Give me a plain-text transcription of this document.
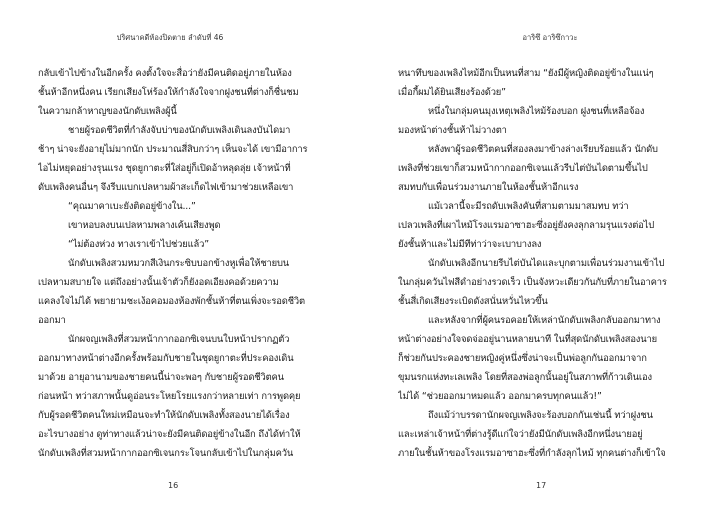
ปริศนาคดีห้องปิดตาย ลำดับที่ 46
กลับเข้าไปข้างในอีกครั้ง คงตั้งใจจะสื่อว่ายังมีคนติดอยู่ภายในห้อง
ชั้นห้าอีกหนึ่งคน เรียกเสียงโห่ร้องให้กำลังใจจากฝูงชนที่ต่างก็ชื่นชม
ในความกล้าหาญของนักดับเพลิงผู้นี้
ชายผู้รอดชีวิตที่กำลังจับบ่าของนักดับเพลิงเดินลงบันไดมา
ช้าๆ น่าจะยังอายุไม่มากนัก ประมาณสี่สิบกว่าๆ เห็นจะได้ เขามีอาการ
ไอไม่หยุดอย่างรุนแรง ชุดยูกาตะที่ใส่อยู่ก็เปิดอ้าหลุดลุ่ย เจ้าหน้าที่
ดับเพลิงคนอื่นๆ จึงรีบแบกเปลหามผ้าสะเก็ดไฟเข้ามาช่วยเหลือเขา
“คุณมาคาเบะยังติดอยู่ข้างใน...”
เขาหอบลงบนเปลหามพลางเค้นเสียงพูด
“ไม่ต้องห่วง ทางเราเข้าไปช่วยแล้ว”
นักดับเพลิงสวมหมวกสีเงินกระซิบบอกข้างหูเพื่อให้ชายบน
เปลหามสบายใจ แต่ถึงอย่างนั้นเจ้าตัวก็ยังอดเอียงคอด้วยความ
แคลงใจไม่ได้ พยายามชะเง้อคอมองห้องพักชั้นห้าที่ตนเพิ่งจะรอดชีวิต
ออกมา
นักผจญเพลิงที่สวมหน้ากากออกซิเจนบนใบหน้าปรากฏตัว
ออกมาทางหน้าต่างอีกครั้งพร้อมกับชายในชุดยูกาตะที่ประคองเดิน
มาด้วย อายุอานามของชายคนนี้น่าจะพอๆ กับชายผู้รอดชีวิตคน
ก่อนหน้า ทว่าสภาพนั้นดูอ่อนระโหยโรยแรงกว่าหลายเท่า การพูดคุย
กับผู้รอดชีวิตคนใหม่เหมือนจะทำให้นักดับเพลิงทั้งสองนายได้เรื่อง
อะไรบางอย่าง ดูท่าทางแล้วน่าจะยังมีคนติดอยู่ข้างในอีก ถึงได้ท่าให้
นักดับเพลิงที่สวมหน้ากากออกซิเจนกระโจนกลับเข้าไปในกลุ่มควัน
16
อาริซึ อาริซึกาวะ
หนาทึบของเพลิงไหม้อีกเป็นหนที่สาม “ยังมีผู้หญิงติดอยู่ข้างในแน่ๆ
เมื่อกี้ผมได้ยินเสียงร้องด้วย”
หนึ่งในกลุ่มคนมุงเหตุเพลิงไหม้ร้องบอก ฝูงชนที่เหลือจ้อง
มองหน้าต่างชั้นห้าไม่วางตา
หลังพาผู้รอดชีวิตคนที่สองลงมาข้างล่างเรียบร้อยแล้ว นักดับ
เพลิงที่ช่วยเขาก็สวมหน้ากากออกซิเจนแล้วรีบไต่บันไดตามขึ้นไป
สมทบกับเพื่อนร่วมงานภายในห้องชั้นห้าอีกแรง
แม้เวลานี้จะมีรถดับเพลิงคันที่สามตามมาสมทบ ทว่า
เปลวเพลิงที่เผาไหม้โรงแรมอาซาฮะซึ่งอยู่ยังคงลุกลามรุนแรงต่อไป
ยังชั้นห้าและไม่มีทีท่าว่าจะเบาบางลง
นักดับเพลิงอีกนายรีบไต่บันไดและบุกตามเพื่อนร่วมงานเข้าไป
ในกลุ่มควันไฟสีดำอย่างรวดเร็ว เป็นจังหวะเดียวกันกับที่ภายในอาคาร
ชั้นสี่เกิดเสียงระเบิดดังสนั่นหวั่นไหวขึ้น
และหลังจากที่ผู้คนรอคอยให้เหล่านักดับเพลิงกลับออกมาทาง
หน้าต่างอย่างใจจดจ่ออยู่นานหลายนาที ในที่สุดนักดับเพลิงสองนาย
ก็ช่วยกันประคองชายหญิงคู่หนึ่งซึ่งน่าจะเป็นพ่อลูกกันออกมาจาก
ขุมนรกแห่งทะเลเพลิง โดยที่สองพ่อลูกนั้นอยู่ในสภาพที่ก้าวเดินเอง
ไม่ได้ “ช่วยออกมาหมดแล้ว ออกมาครบทุกคนแล้ว!”
ถึงแม้ว่าบรรดานักผจญเพลิงจะร้องบอกกันเช่นนี้ ทว่าฝูงชน
และเหล่าเจ้าหน้าที่ต่างรู้ดีแก่ใจว่ายังมีนักดับเพลิงอีกหนึ่งนายอยู่
ภายในชั้นห้าของโรงแรมอาซาฮะซึ่งที่กำลังลุกไหม้ ทุกคนต่างก็เข้าใจ
17
